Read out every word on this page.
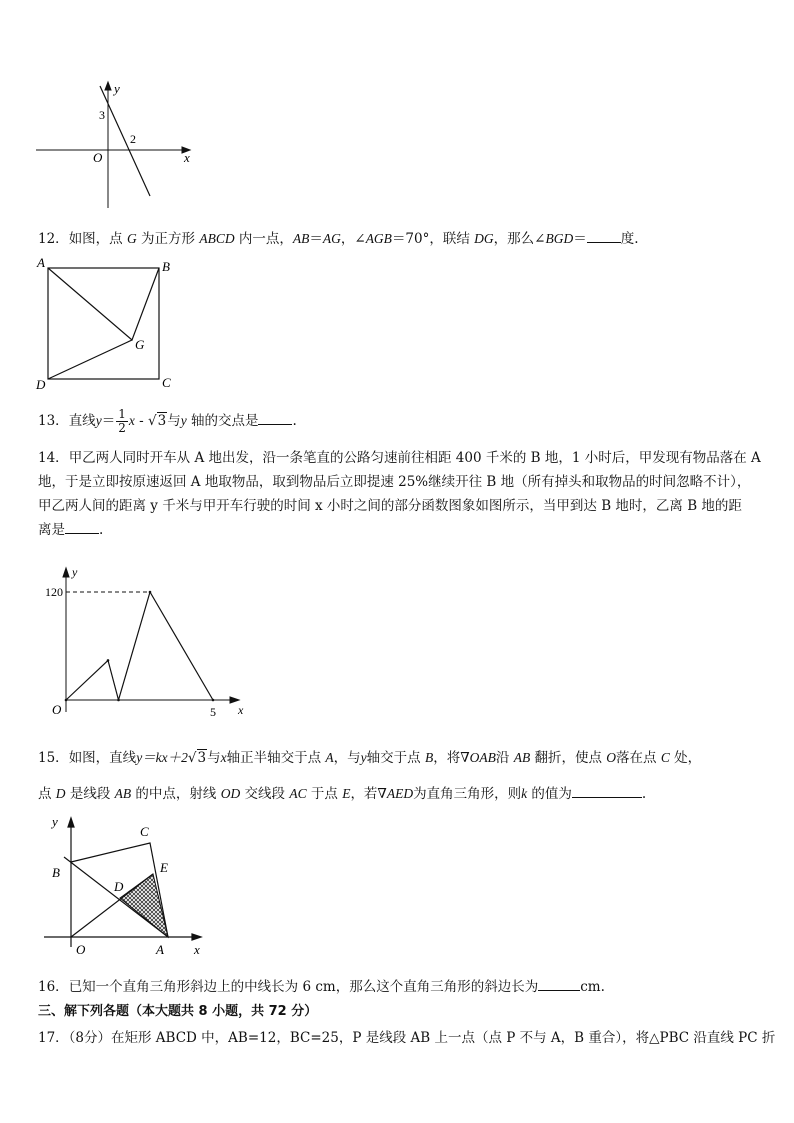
y
x
O
3
2
12．如图，点 G 为正方形 ABCD 内一点，AB＝AG，∠AGB＝70°，联结 DG，那么∠BGD＝	度.
A	B
C
D
G
13．直线$y= \frac{1}{2}$ x - √3与y 轴的交点是	.
14．甲乙两人同时开车从 A 地出发，沿一条笔直的公路匀速前往相距 400 千米的 B 地，1 小时后，甲发现有物品落在 A
地，于是立即按原速返回 A 地取物品，取到物品后立即提速 25%继续开往 B 地（所有掉头和取物品的时间忽略不计），
甲乙两人间的距离 y 千米与甲开车行驶的时间 x 小时之间的部分函数图象如图所示，当甲到达 B 地时，乙离 B 地的距
离是	.
y
x
O
120
5
15．如图，直线y＝kx＋2√3与x轴正半轴交于点 A，与y轴交于点 B，将∇OAB沿 AB 翻折，使点 O落在点 C 处，
点 D 是线段 AB 的中点，射线 OD 交线段 AC 于点 E，若∇AED为直角三角形，则k 的值为	.
y
x
O	A
B
C
D
E
16．已知一个直角三角形斜边上的中线长为 6 cm，那么这个直角三角形的斜边长为	cm.
三、解下列各题（本大题共 8 小题，共 72 分）
17．（8分）在矩形 ABCD 中，AB=12，BC=25，P 是线段 AB 上一点（点 P 不与 A，B 重合），将△PBC 沿直线 PC 折
